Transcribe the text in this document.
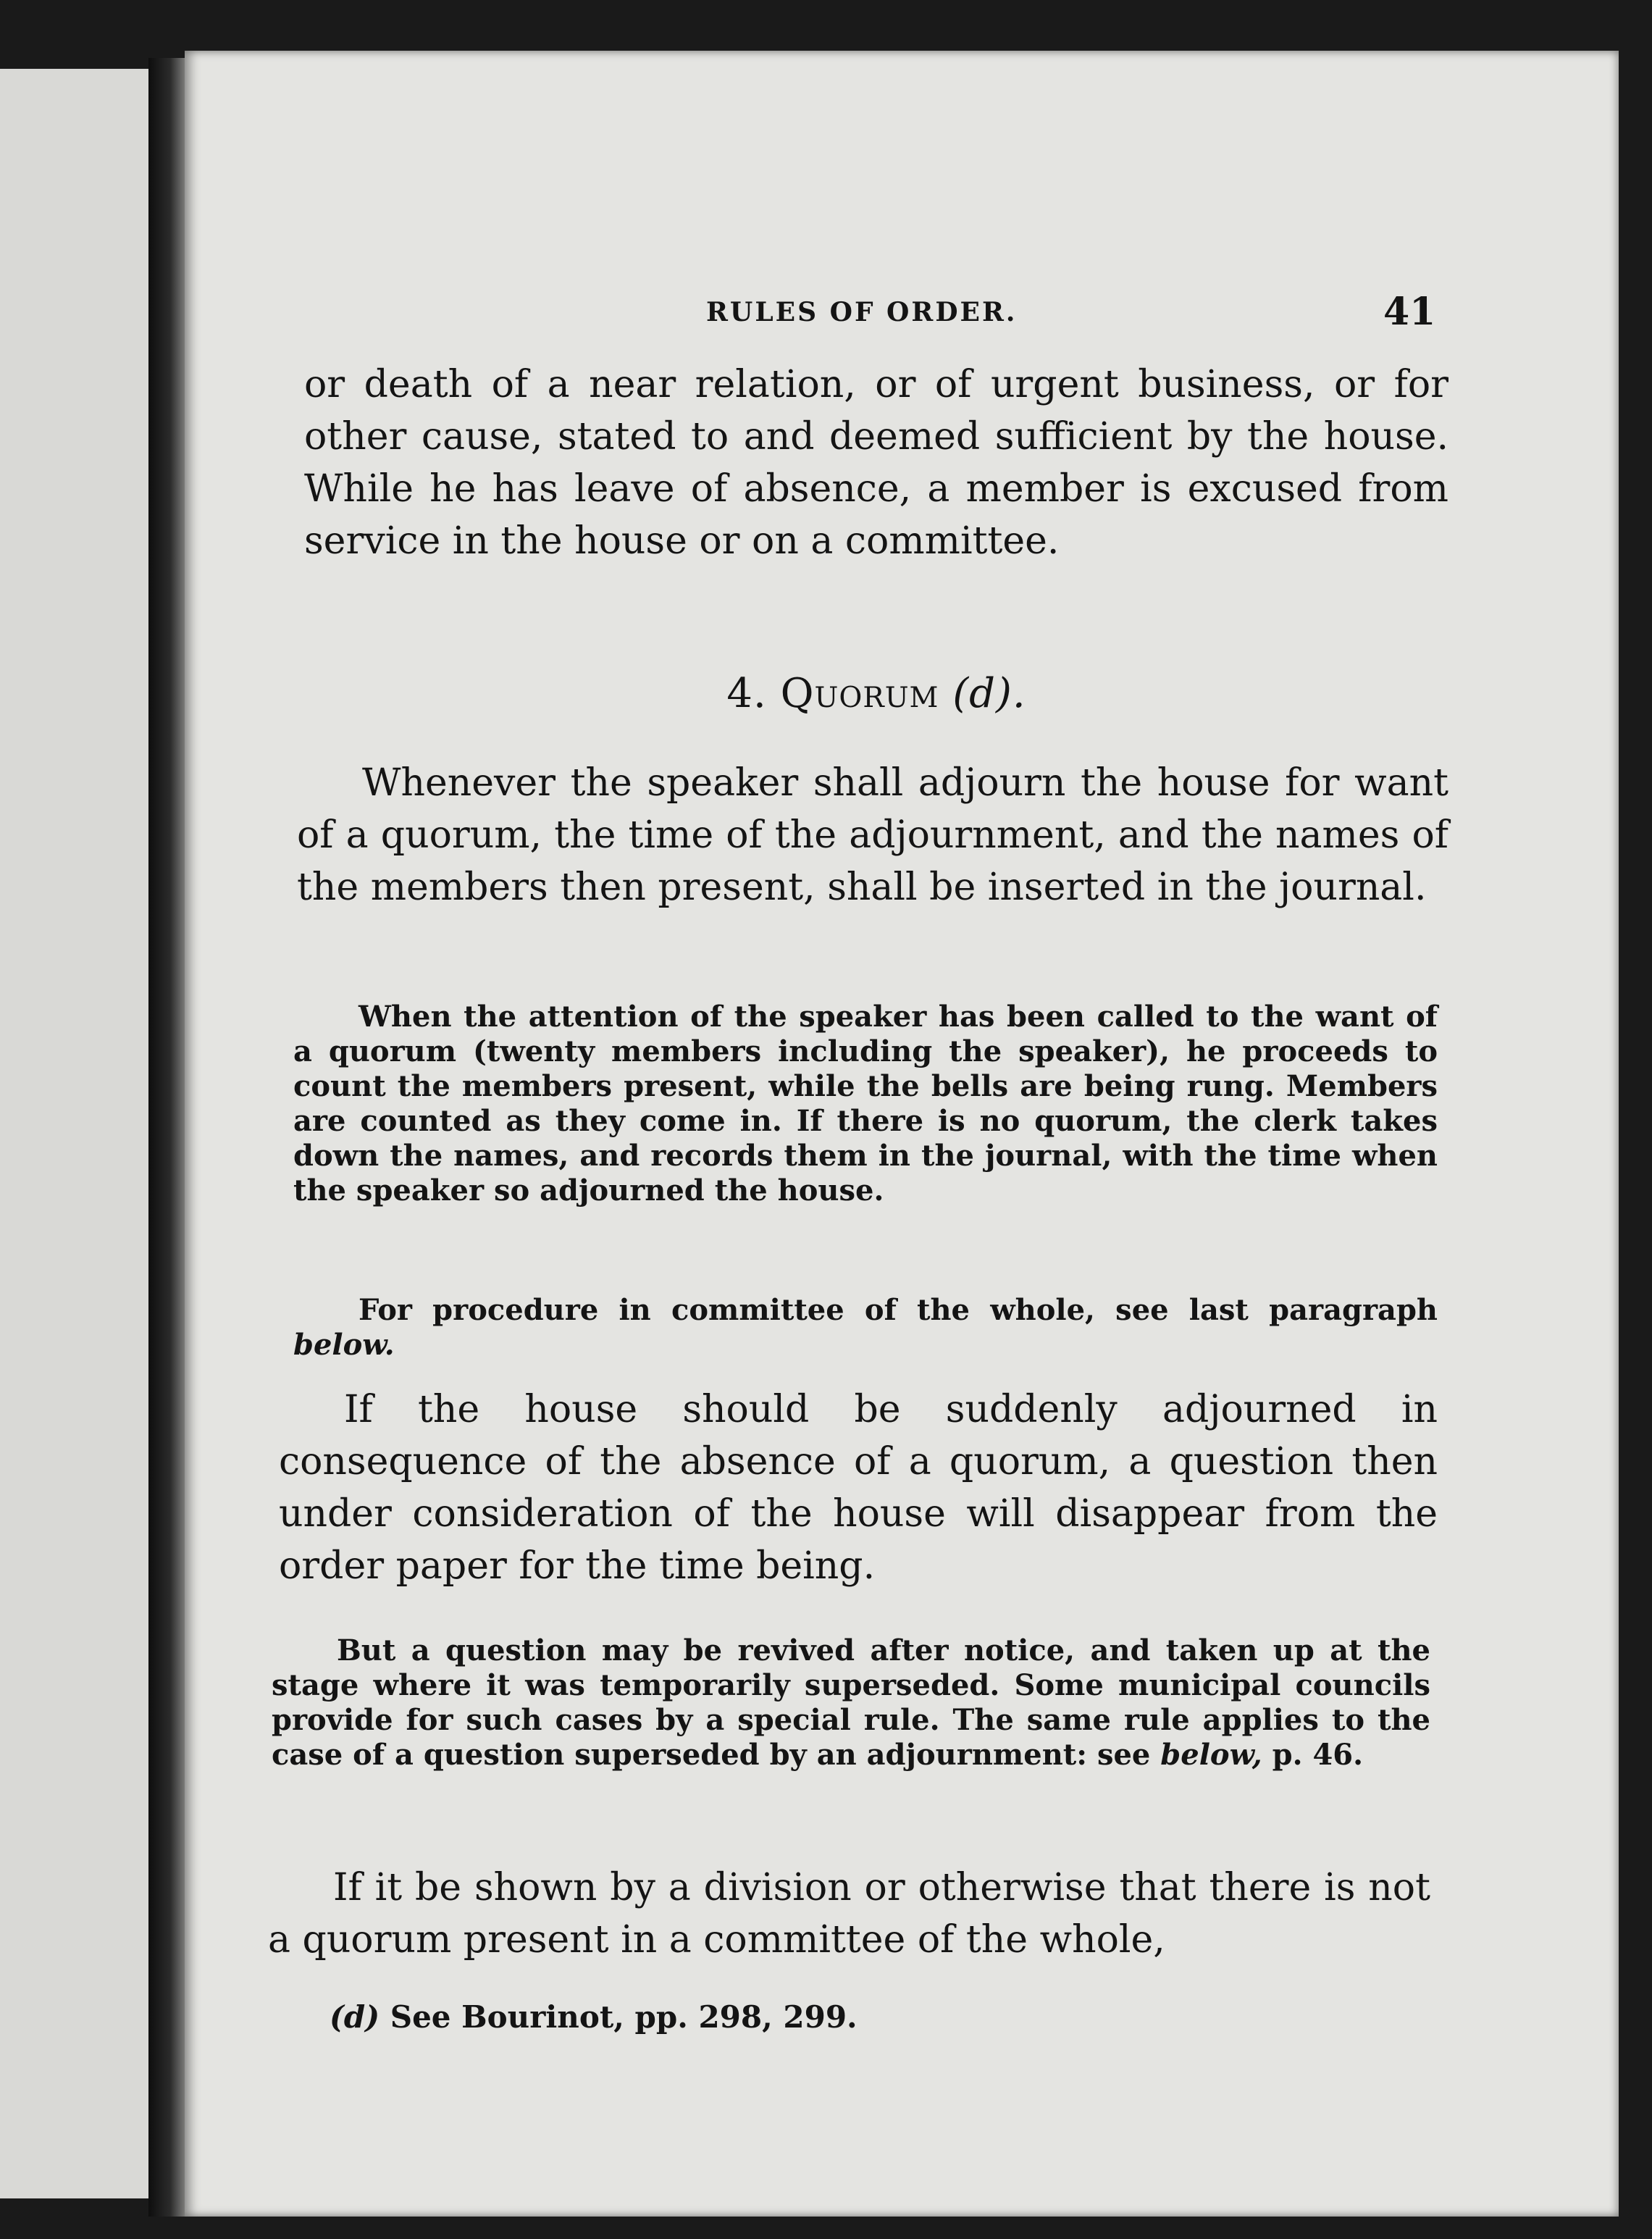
RULES OF ORDER.	41

or death of a near relation, or of urgent business, or for other cause, stated to and deemed sufficient by the house. While he has leave of absence, a member is excused from service in the house or on a committee.

4. Quorum (d).

Whenever the speaker shall adjourn the house for want of a quorum, the time of the adjournment, and the names of the members then present, shall be inserted in the journal.

When the attention of the speaker has been called to the want of a quorum (twenty members including the speaker), he proceeds to count the members present, while the bells are being rung. Members are counted as they come in. If there is no quorum, the clerk takes down the names, and records them in the journal, with the time when the speaker so adjourned the house.

For procedure in committee of the whole, see last paragraph below.

If the house should be suddenly adjourned in consequence of the absence of a quorum, a question then under consideration of the house will disappear from the order paper for the time being.

But a question may be revived after notice, and taken up at the stage where it was temporarily superseded. Some municipal councils provide for such cases by a special rule. The same rule applies to the case of a question superseded by an adjournment: see below, p. 46.

If it be shown by a division or otherwise that there is not a quorum present in a committee of the whole,

(d) See Bourinot, pp. 298, 299.
